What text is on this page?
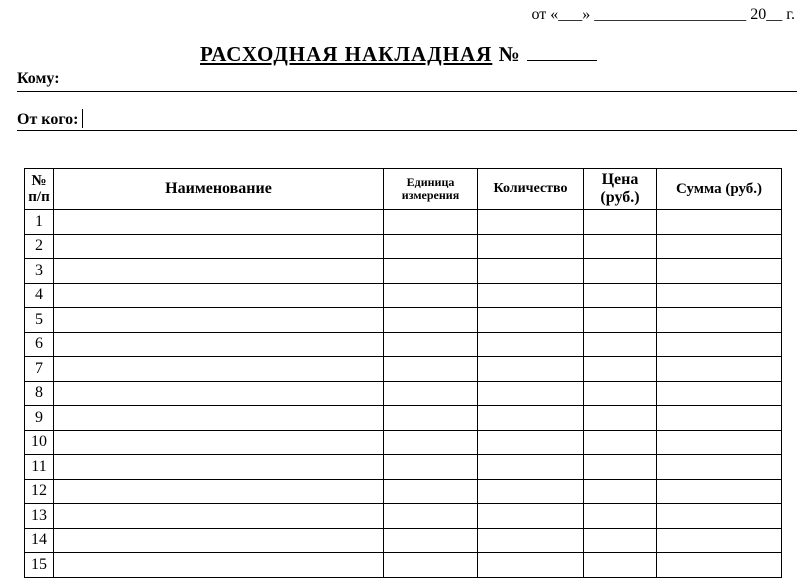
от «___» ___________________ 20__ г.
РАСХОДНАЯ НАКЛАДНАЯ №
Кому:
От кого:
№ п/п	Наименование	Единица измерения	Количество	Цена (руб.)	Сумма (руб.)
1					
2					
3					
4					
5					
6					
7					
8					
9					
10					
11					
12					
13					
14					
15					
